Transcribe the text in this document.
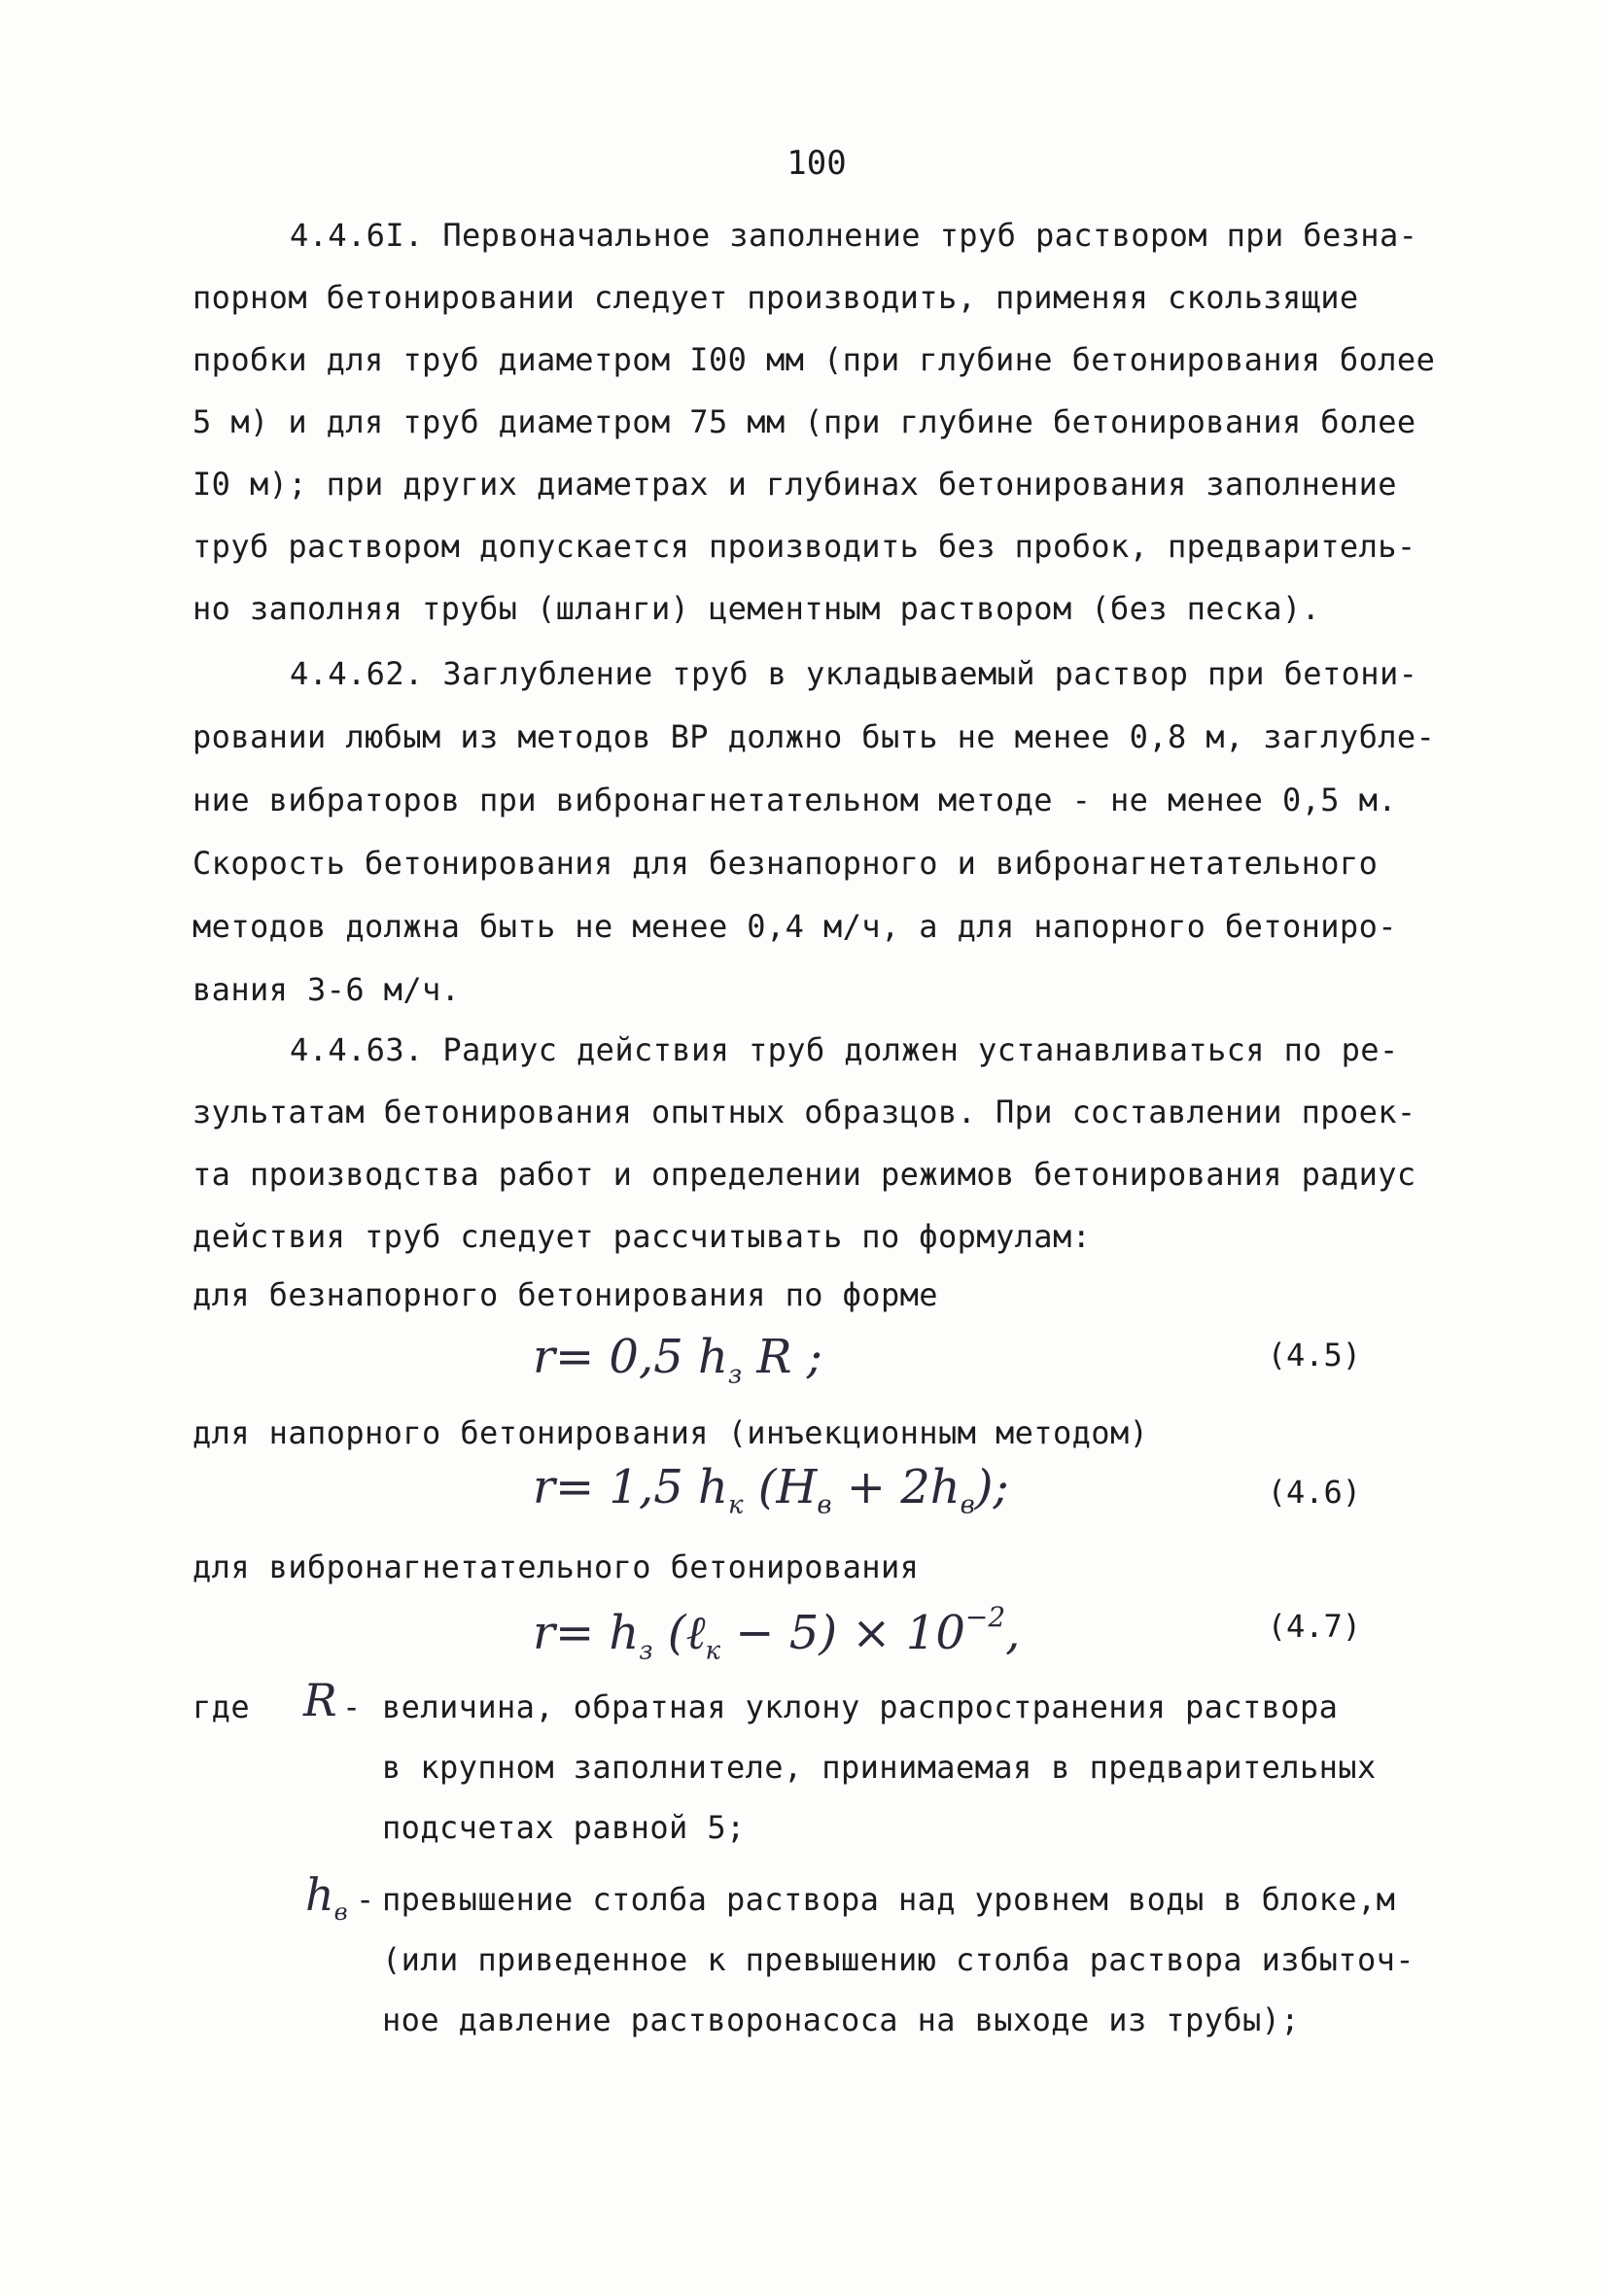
100
4.4.6I. Первоначальное заполнение труб раствором при безна-
порном бетонировании следует производить, применяя скользящие
пробки для труб диаметром I00 мм (при глубине бетонирования более
5 м) и для труб диаметром 75 мм (при глубине бетонирования более
I0 м); при других диаметрах и глубинах бетонирования заполнение
труб раствором допускается производить без пробок, предваритель-
но заполняя трубы (шланги) цементным раствором (без песка).
4.4.62. Заглубление труб в укладываемый раствор при бетони-
ровании любым из методов ВР должно быть не менее 0,8 м, заглубле-
ние вибраторов при вибронагнетательном методе - не менее 0,5 м.
Скорость бетонирования для безнапорного и вибронагнетательного
методов должна быть не менее 0,4 м/ч, а для напорного бетониро-
вания 3-6 м/ч.
4.4.63. Радиус действия труб должен устанавливаться по ре-
зультатам бетонирования опытных образцов. При составлении проек-
та производства работ и определении режимов бетонирования радиус
действия труб следует рассчитывать по формулам:
для безнапорного бетонирования по форме
r= 0,5 $h_з$ R ;	(4.5)
для напорного бетонирования (инъекционным методом)
r= 1,5 $h_к$ $(H_в + 2h_в)$;	(4.6)
для вибронагнетательного бетонирования
$r= h_з$ (ℓ$_к$ − $5) \times 10^{-2}$,	(4.7)
где	R - величина, обратная уклону распространения раствора
в крупном заполнителе, принимаемая в предварительных
подсчетах равной 5;
$h_в$ - превышение столба раствора над уровнем воды в блоке,м
(или приведенное к превышению столба раствора избыточ-
ное давление растворонасоса на выходе из трубы);
